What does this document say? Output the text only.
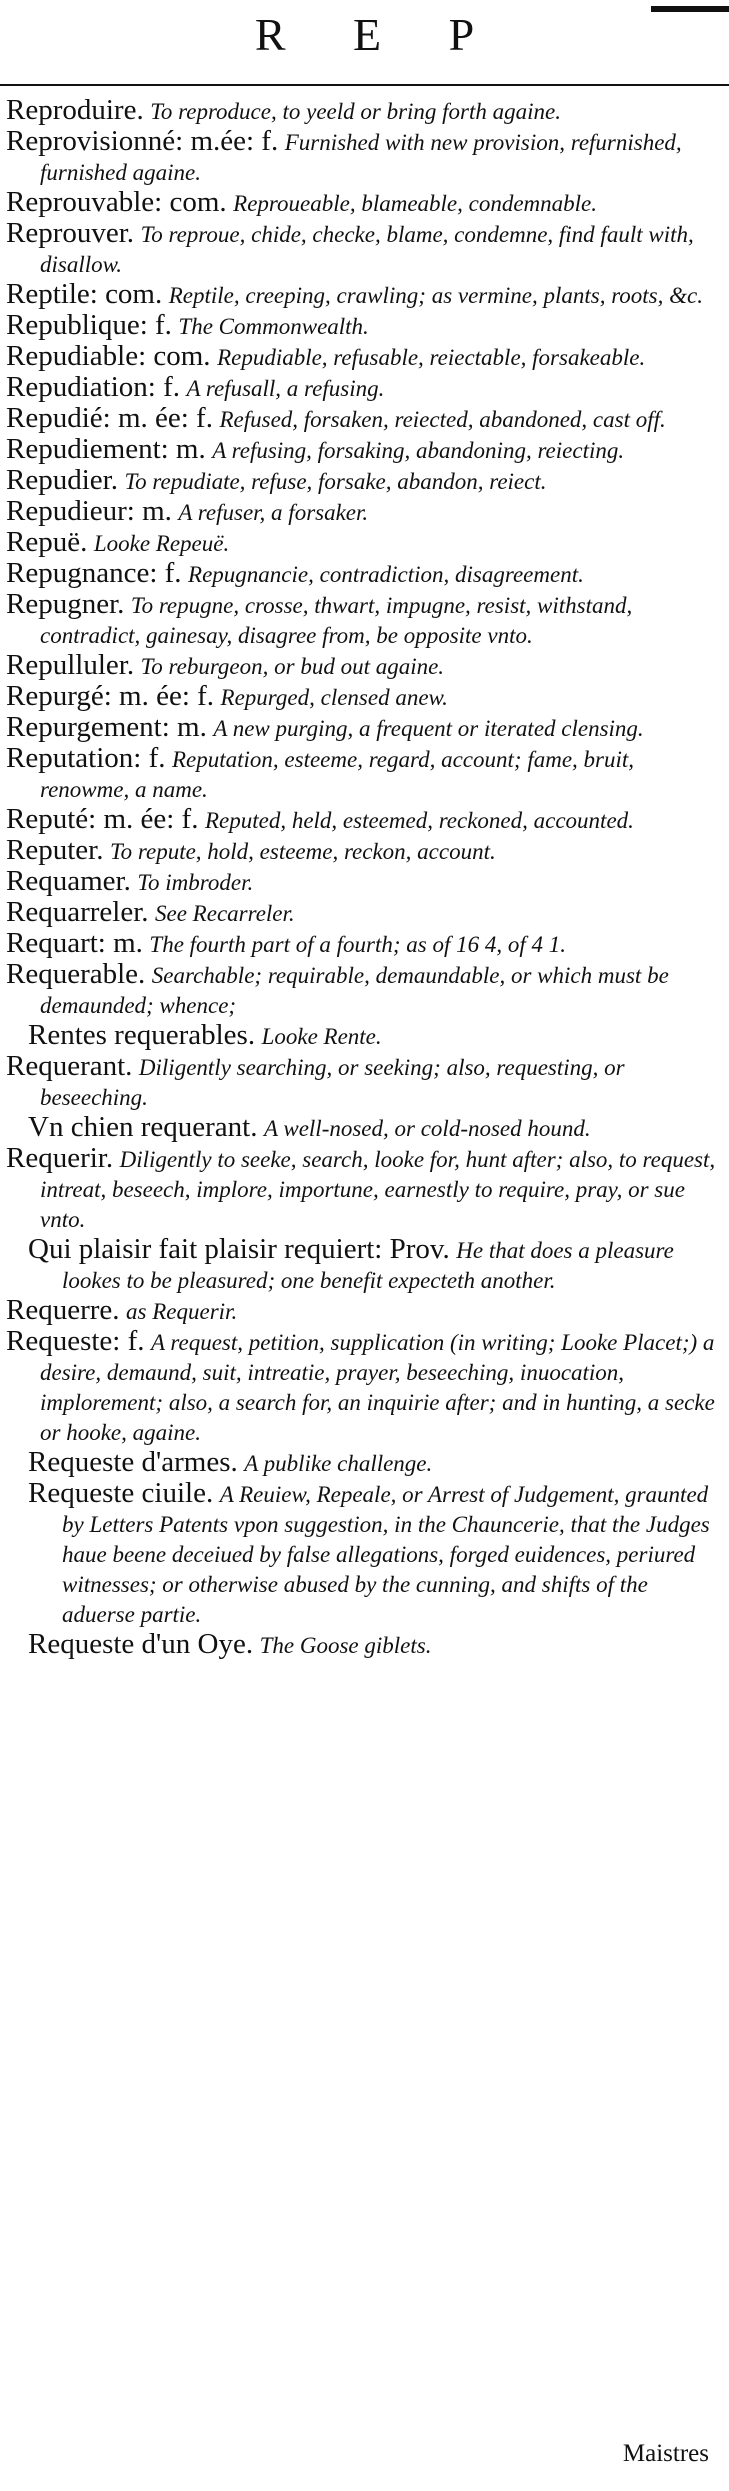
R E P
Reproduire. To reproduce, to yeeld or bring forth againe.
Reprovisionné: m.ée: f. Furnished with new provision, refurnished, furnished againe.
Reprouvable: com. Reproueable, blameable, condemnable.
Reprouver. To reproue, chide, checke, blame, condemne, find fault with, disallow.
Reptile: com. Reptile, creeping, crawling; as vermine, plants, roots, &c.
Republique: f. The Commonwealth.
Repudiable: com. Repudiable, refusable, reiectable, forsakeable.
Repudiation: f. A refusall, a refusing.
Repudié: m. ée: f. Refused, forsaken, reiected, abandoned, cast off.
Repudiement: m. A refusing, forsaking, abandoning, reiecting.
Repudier. To repudiate, refuse, forsake, abandon, reiect.
Repudieur: m. A refuser, a forsaker.
Repuë. Looke Repeuë.
Repugnance: f. Repugnancie, contradiction, disagreement.
Repugner. To repugne, crosse, thwart, impugne, resist, withstand, contradict, gainesay, disagree from, be opposite vnto.
Repulluler. To reburgeon, or bud out againe.
Repurgé: m. ée: f. Repurged, clensed anew.
Repurgement: m. A new purging, a frequent or iterated clensing.
Reputation: f. Reputation, esteeme, regard, account; fame, bruit, renowme, a name.
Reputé: m. ée: f. Reputed, held, esteemed, reckoned, accounted.
Reputer. To repute, hold, esteeme, reckon, account.
Requamer. To imbroder.
Requarreler. See Recarreler.
Requart: m. The fourth part of a fourth; as of 16 4, of 4 1.
Requerable. Searchable; requirable, demaundable, or which must be demaunded; whence;
Rentes requerables. Looke Rente.
Requerant. Diligently searching, or seeking; also, requesting, or beseeching.
Vn chien requerant. A well-nosed, or cold-nosed hound.
Requerir. Diligently to seeke, search, looke for, hunt after; also, to request, intreat, beseech, implore, importune, earnestly to require, pray, or sue vnto.
Qui plaisir fait plaisir requiert: Prov. He that does a pleasure lookes to be pleasured; one benefit expecteth another.
Requerre. as Requerir.
Requeste: f. A request, petition, supplication (in writing; Looke Placet;) a desire, demaund, suit, intreatie, prayer, beseeching, inuocation, implorement; also, a search for, an inquirie after; and in hunting, a secke or hooke, againe.
Requeste d'armes. A publike challenge.
Requeste ciuile. A Reuiew, Repeale, or Arrest of Judgement, graunted by Letters Patents vpon suggestion, in the Chauncerie, that the Judges haue beene deceiued by false allegations, forged euidences, periured witnesses; or otherwise abused by the cunning, and shifts of the aduerse partie.
Requeste d'un Oye. The Goose giblets.
Maistres
